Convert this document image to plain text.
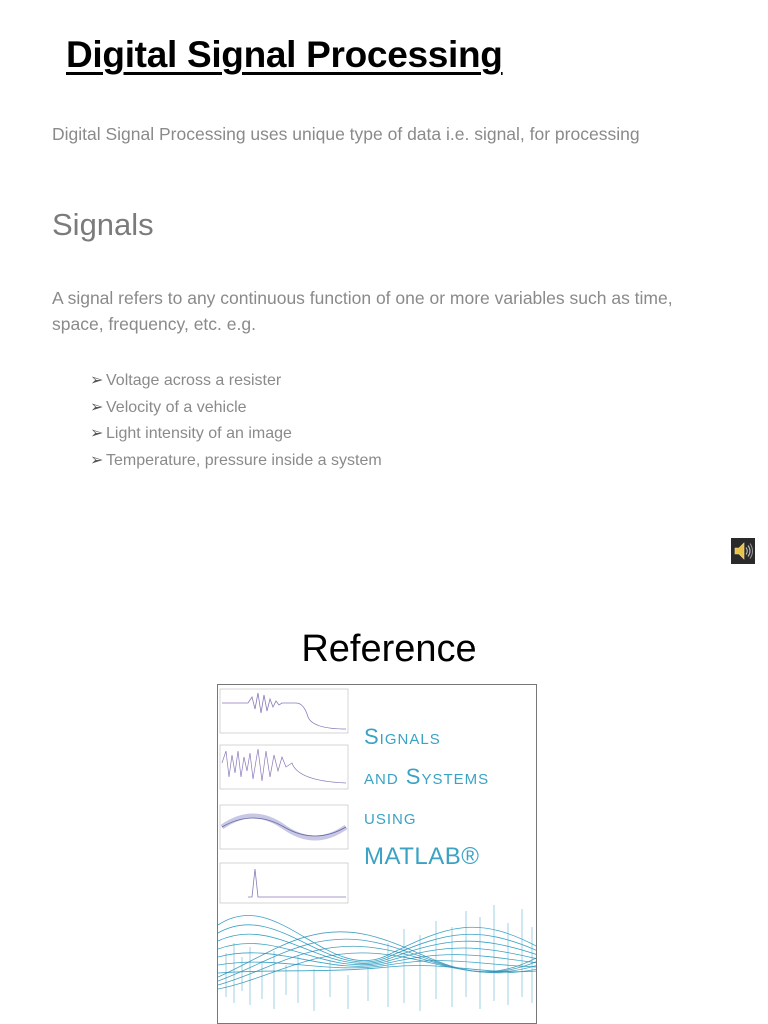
Digital Signal Processing

Digital Signal Processing uses unique type of data i.e. signal, for processing

Signals

A signal refers to any continuous function of one or more variables such as time,   space, frequency, etc. e.g.

➢ Voltage across a resister
➢ Velocity of a vehicle
➢ Light intensity of an image
➢ Temperature, pressure inside a system
Reference
Signals
and Systems
using
MATLAB®
